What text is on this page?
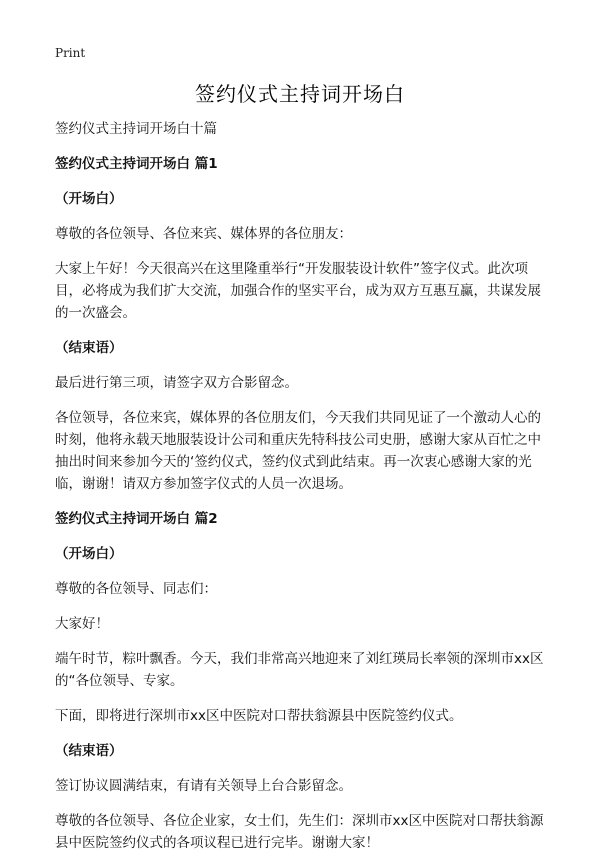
Print
签约仪式主持词开场白

签约仪式主持词开场白十篇

签约仪式主持词开场白 篇1

（开场白）

尊敬的各位领导、各位来宾、媒体界的各位朋友：

大家上午好！今天很高兴在这里隆重举行“开发服装设计软件”签字仪式。此次项目，必将成为我们扩大交流，加强合作的坚实平台，成为双方互惠互赢，共谋发展的一次盛会。

（结束语）

最后进行第三项，请签字双方合影留念。

各位领导，各位来宾，媒体界的各位朋友们，今天我们共同见证了一个激动人心的时刻，他将永载天地服装设计公司和重庆先特科技公司史册，感谢大家从百忙之中抽出时间来参加今天的‘签约仪式，签约仪式到此结束。再一次衷心感谢大家的光临，谢谢！请双方参加签字仪式的人员一次退场。

签约仪式主持词开场白 篇2

（开场白）

尊敬的各位领导、同志们：

大家好！

端午时节，粽叶飘香。今天，我们非常高兴地迎来了刘红瑛局长率领的深圳市xx区的“各位领导、专家。

下面，即将进行深圳市xx区中医院对口帮扶翁源县中医院签约仪式。

（结束语）

签订协议圆满结束，有请有关领导上台合影留念。

尊敬的各位领导、各位企业家，女士们，先生们：深圳市xx区中医院对口帮扶翁源县中医院签约仪式的各项议程已进行完毕。谢谢大家！
